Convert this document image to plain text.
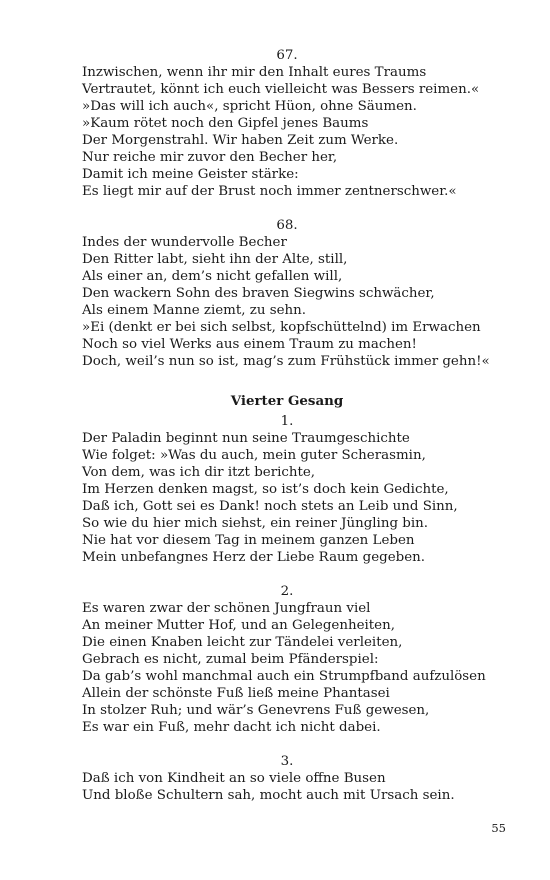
67.
Inzwischen, wenn ihr mir den Inhalt eures Traums
Vertrautet, könnt ich euch vielleicht was Bessers reimen.«
»Das will ich auch«, spricht Hüon, ohne Säumen.
»Kaum rötet noch den Gipfel jenes Baums
Der Morgenstrahl. Wir haben Zeit zum Werke.
Nur reiche mir zuvor den Becher her,
Damit ich meine Geister stärke:
Es liegt mir auf der Brust noch immer zentnerschwer.«
68.
Indes der wundervolle Becher
Den Ritter labt, sieht ihn der Alte, still,
Als einer an, dem’s nicht gefallen will,
Den wackern Sohn des braven Siegwins schwächer,
Als einem Manne ziemt, zu sehn.
»Ei (denkt er bei sich selbst, kopfschüttelnd) im Erwachen
Noch so viel Werks aus einem Traum zu machen!
Doch, weil’s nun so ist, mag’s zum Frühstück immer gehn!«
Vierter Gesang
1.
Der Paladin beginnt nun seine Traumgeschichte
Wie folget: »Was du auch, mein guter Scherasmin,
Von dem, was ich dir itzt berichte,
Im Herzen denken magst, so ist’s doch kein Gedichte,
Daß ich, Gott sei es Dank! noch stets an Leib und Sinn,
So wie du hier mich siehst, ein reiner Jüngling bin.
Nie hat vor diesem Tag in meinem ganzen Leben
Mein unbefangnes Herz der Liebe Raum gegeben.
2.
Es waren zwar der schönen Jungfraun viel
An meiner Mutter Hof, und an Gelegenheiten,
Die einen Knaben leicht zur Tändelei verleiten,
Gebrach es nicht, zumal beim Pfänderspiel:
Da gab’s wohl manchmal auch ein Strumpfband aufzulösen
Allein der schönste Fuß ließ meine Phantasei
In stolzer Ruh; und wär’s Genevrens Fuß gewesen,
Es war ein Fuß, mehr dacht ich nicht dabei.
3.
Daß ich von Kindheit an so viele offne Busen
Und bloße Schultern sah, mocht auch mit Ursach sein.
55
